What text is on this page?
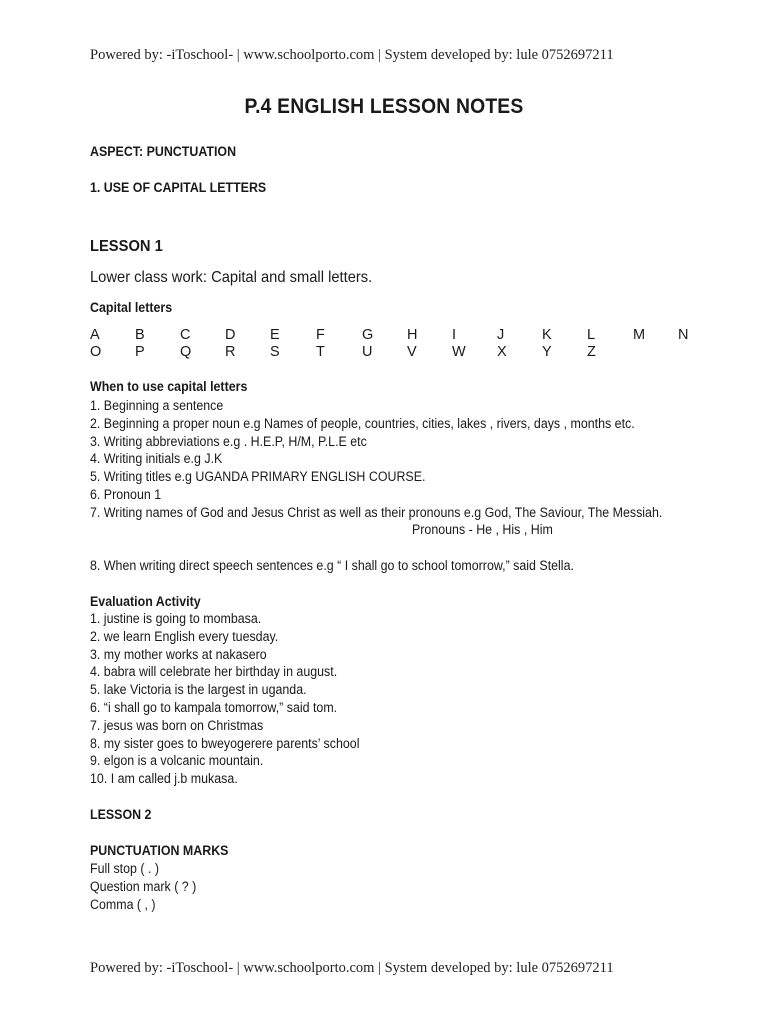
Powered by: -iToschool- | www.schoolporto.com | System developed by: lule 0752697211
P.4 ENGLISH LESSON NOTES
ASPECT: PUNCTUATION
1. USE OF CAPITAL LETTERS
LESSON 1
Lower class work: Capital and small letters.
Capital letters
A B C D E	F	G H I	J	K L	M N
O P Q R S	T	U V W X Y Z
When to use capital letters
1. Beginning a sentence
2. Beginning a proper noun e.g Names of people, countries, cities, lakes , rivers, days , months etc.
3. Writing abbreviations e.g . H.E.P, H/M, P.L.E etc
4. Writing initials e.g J.K
5. Writing titles e.g UGANDA PRIMARY ENGLISH COURSE.
6. Pronoun 1
7. Writing names of God and Jesus Christ as well as their pronouns e.g God, The Saviour, The Messiah.
Pronouns - He , His , Him
8. When writing direct speech sentences e.g “ I shall go to school tomorrow,” said Stella.
Evaluation Activity
1. justine is going to mombasa.
2. we learn English every tuesday.
3. my mother works at nakasero
4. babra will celebrate her birthday in august.
5. lake Victoria is the largest in uganda.
6. “i shall go to kampala tomorrow,” said tom.
7. jesus was born on Christmas
8. my sister goes to bweyogerere parents’ school
9. elgon is a volcanic mountain.
10. I am called j.b mukasa.
LESSON 2
PUNCTUATION MARKS
Full stop ( . )
Question mark ( ? )
Comma ( , )
Powered by: -iToschool- | www.schoolporto.com | System developed by: lule 0752697211
